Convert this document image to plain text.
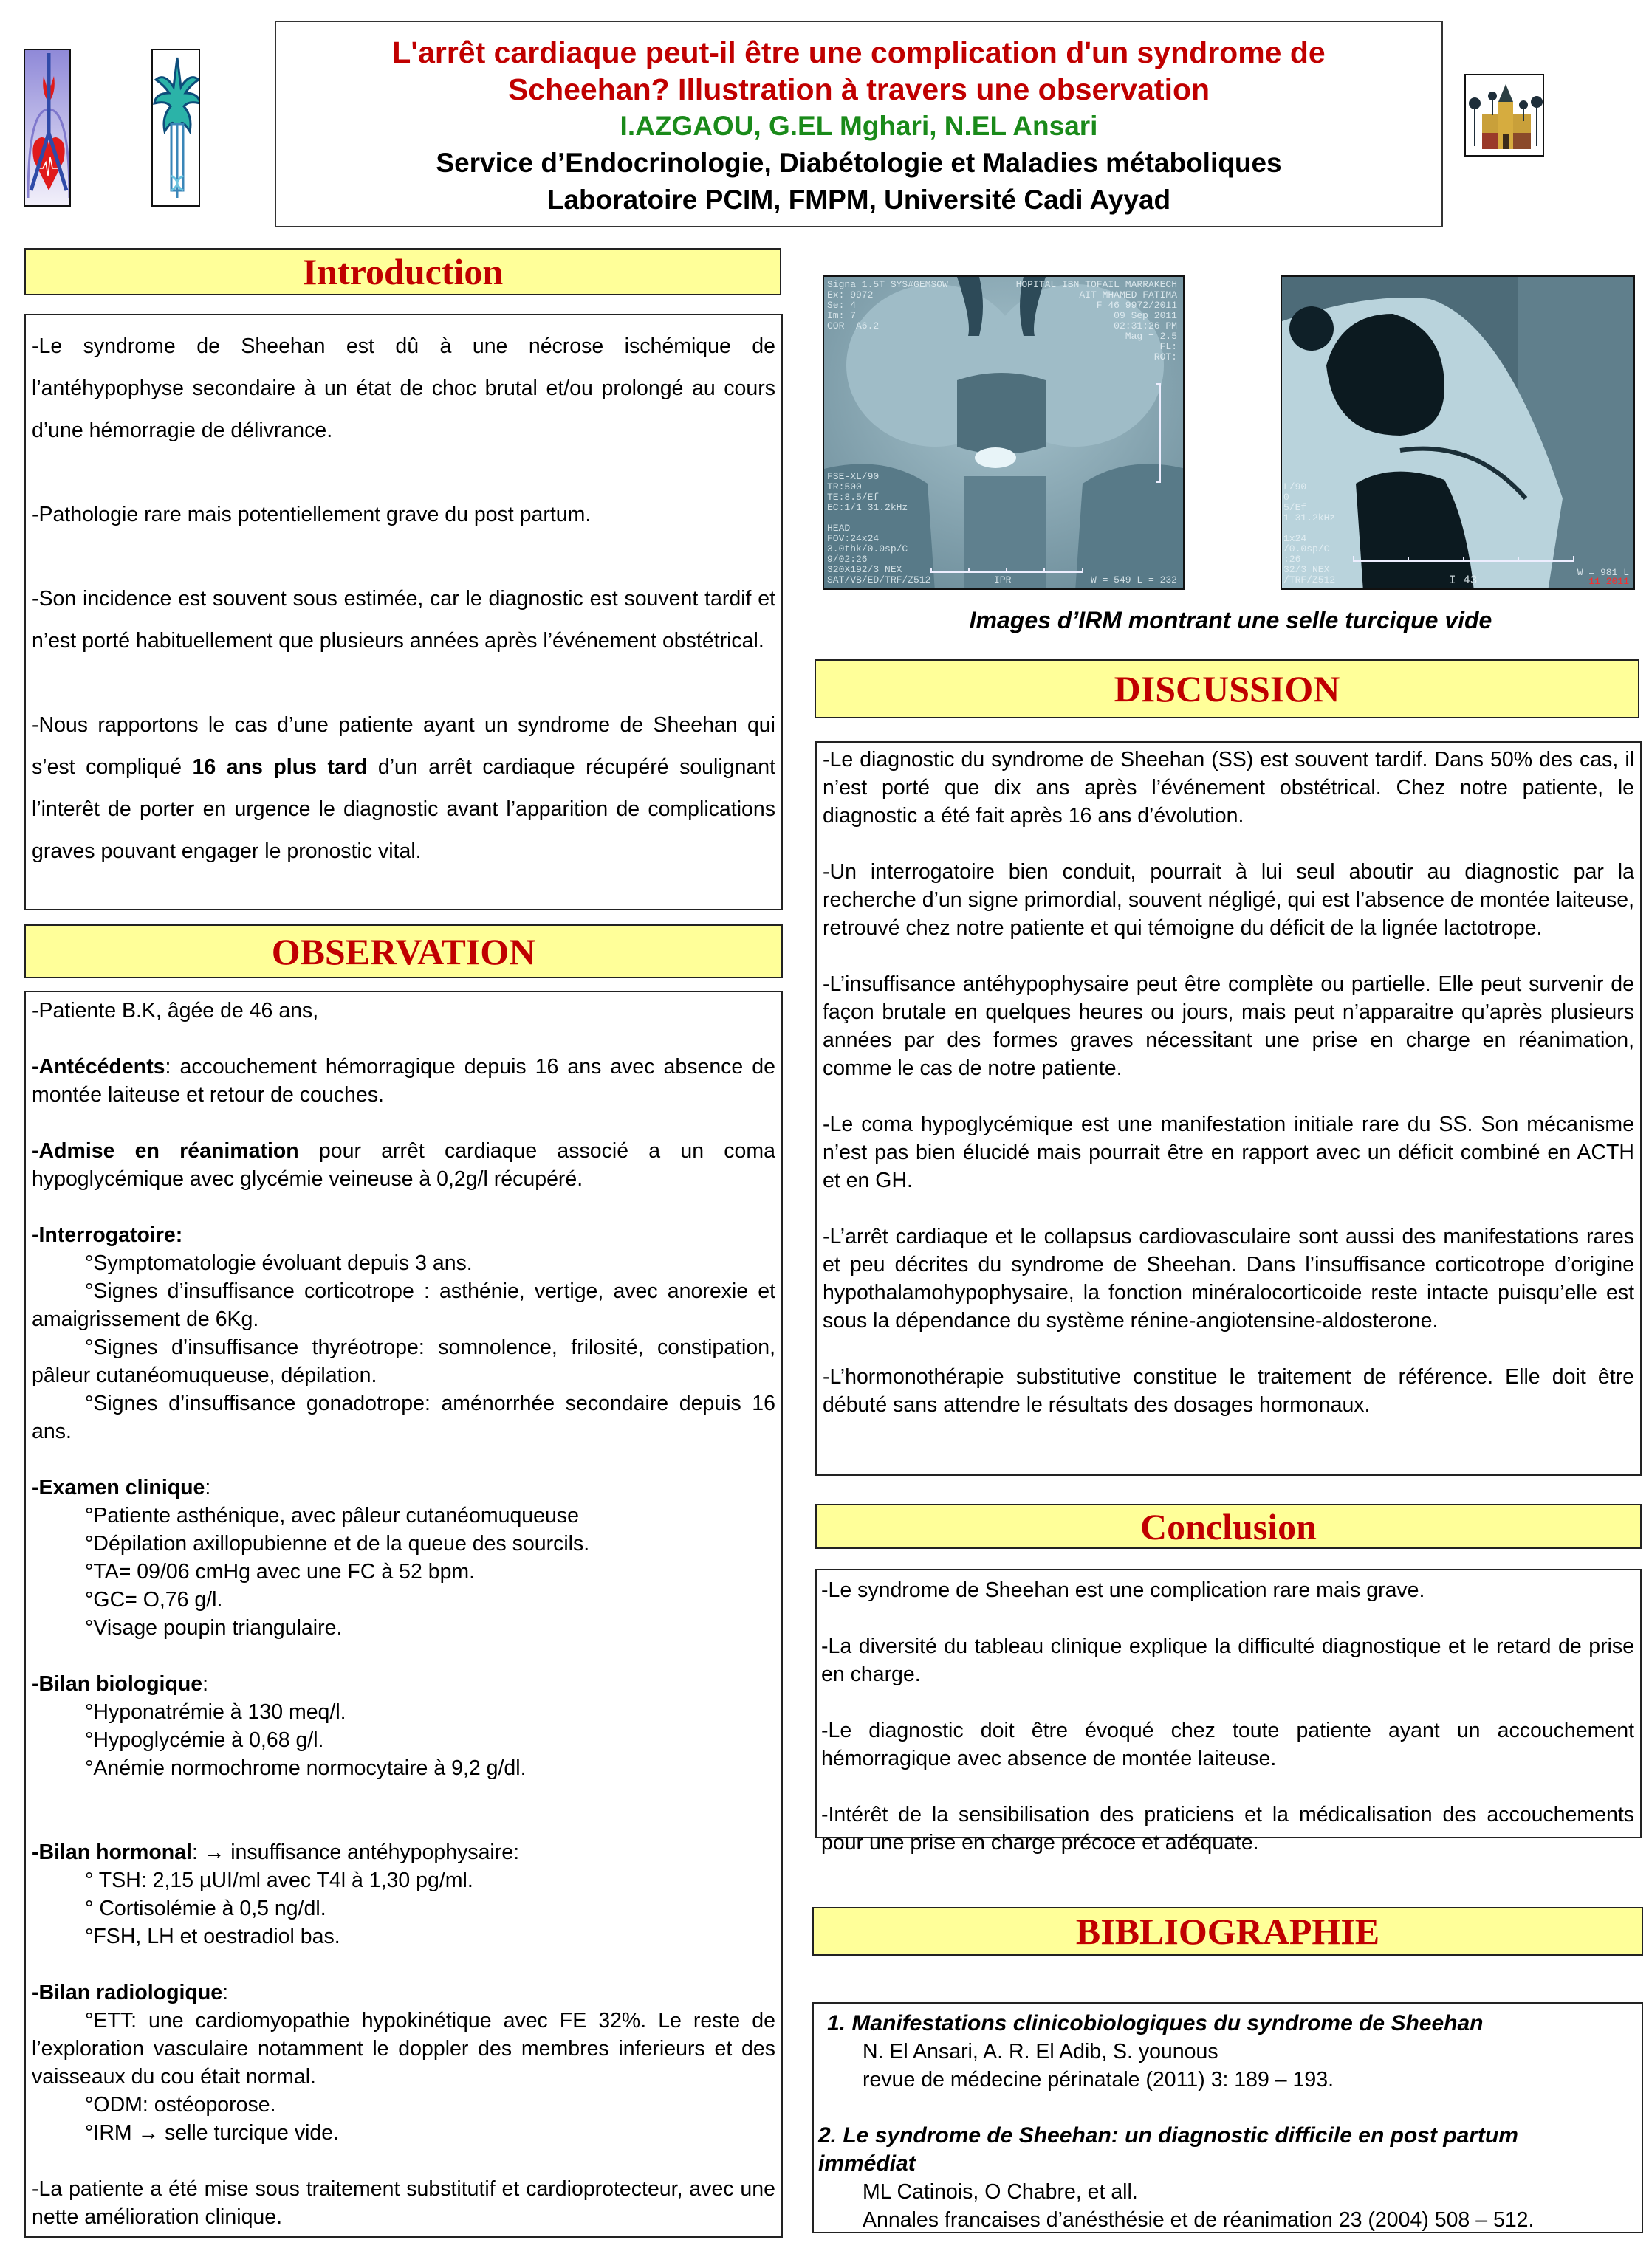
L'arrêt cardiaque peut-il être une complication d'un syndrome de
Scheehan? Illustration à travers une observation
I.AZGAOU, G.EL Mghari, N.EL Ansari
Service d’Endocrinologie, Diabétologie et Maladies métaboliques
Laboratoire PCIM, FMPM, Université Cadi Ayyad
Introduction

-Le syndrome de Sheehan est dû à une nécrose ischémique de l’antéhypophyse secondaire à un état de choc brutal et/ou prolongé au cours d’une hémorragie de délivrance.

-Pathologie rare mais potentiellement grave du post partum.

-Son incidence est souvent sous estimée, car le diagnostic est souvent tardif et n’est porté habituellement que plusieurs années après l’événement obstétrical.

-Nous rapportons le cas d’une patiente ayant un syndrome de Sheehan qui s’est compliqué 16 ans plus tard d’un arrêt cardiaque récupéré soulignant l’interêt de porter en urgence le diagnostic avant l’apparition de complications graves pouvant engager le pronostic vital.

OBSERVATION

-Patiente B.K, âgée de 46 ans,

-Antécédents: accouchement hémorragique depuis 16 ans avec absence de montée laiteuse et retour de couches.

-Admise en réanimation pour arrêt cardiaque associé a un coma hypoglycémique avec glycémie veineuse à 0,2g/l récupéré.

-Interrogatoire:

°Symptomatologie évoluant depuis 3 ans.

°Signes d’insuffisance corticotrope : asthénie, vertige, avec anorexie et amaigrissement de 6Kg.

°Signes d’insuffisance thyréotrope: somnolence, frilosité, constipation, pâleur cutanéomuqueuse, dépilation.

°Signes d’insuffisance gonadotrope: aménorrhée secondaire depuis 16 ans.

-Examen clinique:

°Patiente asthénique, avec pâleur cutanéomuqueuse

°Dépilation axillopubienne et de la queue des sourcils.

°TA= 09/06 cmHg avec une FC à 52 bpm.

°GC= O,76 g/l.

°Visage poupin triangulaire.

-Bilan biologique:

°Hyponatrémie à 130 meq/l.

°Hypoglycémie à 0,68 g/l.

°Anémie normochrome normocytaire à 9,2 g/dl.

-Bilan hormonal: → insuffisance antéhypophysaire:

° TSH: 2,15 µUI/ml avec T4l à 1,30 pg/ml.

° Cortisolémie à 0,5 ng/dl.

°FSH, LH et oestradiol bas.

-Bilan radiologique:

°ETT: une cardiomyopathie hypokinétique avec FE 32%. Le reste de l’exploration vasculaire notamment le doppler des membres inferieurs et des vaisseaux du cou était normal.

°ODM: ostéoporose.

°IRM → selle turcique vide.

-La patiente a été mise sous traitement substitutif et cardioprotecteur, avec une nette amélioration clinique.

Signa 1.5T SYS#GEMSOW
Ex: 9972
Se: 4
Im: 7
COR  A6.2
HOPITAL IBN TOFAIL MARRAKECH
AIT MHAMED FATIMA
F 46 9972/2011
09 Sep 2011
02:31:26 PM
Mag = 2.5
FL:
ROT:
FSE-XL/90
TR:500
TE:8.5/Ef
EC:1/1 31.2kHz

HEAD
FOV:24x24
3.0thk/0.0sp/C
9/02:26
320X192/3 NEX
SAT/VB/ED/TRF/Z512	IPR	W = 549 L = 232
L/90
0
5/Ef
1 31.2kHz

1x24
/0.0sp/C
:26
32/3 NEX
/TRF/Z512	I 43
W = 981 L
11 2011
Images d’IRM montrant une selle turcique vide
DISCUSSION

-Le diagnostic du syndrome de Sheehan (SS) est souvent tardif. Dans 50% des cas, il n’est porté que dix ans après l’événement obstétrical. Chez notre patiente, le diagnostic a été fait après 16 ans d’évolution.

-Un interrogatoire bien conduit, pourrait à lui seul aboutir au diagnostic par la recherche d’un signe primordial, souvent négligé, qui est l’absence de montée laiteuse, retrouvé chez notre patiente et qui témoigne du déficit de la lignée lactotrope.

-L’insuffisance antéhypophysaire peut être complète ou partielle. Elle peut survenir de façon brutale en quelques heures ou jours, mais peut n’apparaitre qu’après plusieurs années par des formes graves nécessitant une prise en charge en réanimation, comme le cas de notre patiente.

-Le coma hypoglycémique est une manifestation initiale rare du SS. Son mécanisme n’est pas bien élucidé mais pourrait être en rapport avec un déficit combiné en ACTH et en GH.

-L’arrêt cardiaque et le collapsus cardiovasculaire sont aussi des manifestations rares et peu décrites du syndrome de Sheehan. Dans l’insuffisance corticotrope d’origine hypothalamohypophysaire, la fonction minéralocorticoide reste intacte puisqu’elle est sous la dépendance du système rénine-angiotensine-aldosterone.

-L’hormonothérapie substitutive constitue le traitement de référence. Elle doit être débuté sans attendre le résultats des dosages hormonaux.

Conclusion

-Le syndrome de Sheehan est une complication rare mais grave.

-La diversité du tableau clinique explique la difficulté diagnostique et le retard de prise en charge.

-Le diagnostic doit être évoqué chez toute patiente ayant un accouchement hémorragique avec absence de montée laiteuse.

-Intérêt de la sensibilisation des praticiens et la médicalisation des accouchements pour une prise en charge précoce et adéquate.

BIBLIOGRAPHIE

1. Manifestations clinicobiologiques du syndrome de Sheehan

N. El Ansari, A. R. El Adib, S. younous

revue de médecine périnatale (2011) 3: 189 – 193.

2. Le syndrome de Sheehan: un diagnostic difficile en post partum immédiat

ML Catinois, O Chabre, et all.

Annales francaises d’anésthésie et de réanimation 23 (2004) 508 – 512.
